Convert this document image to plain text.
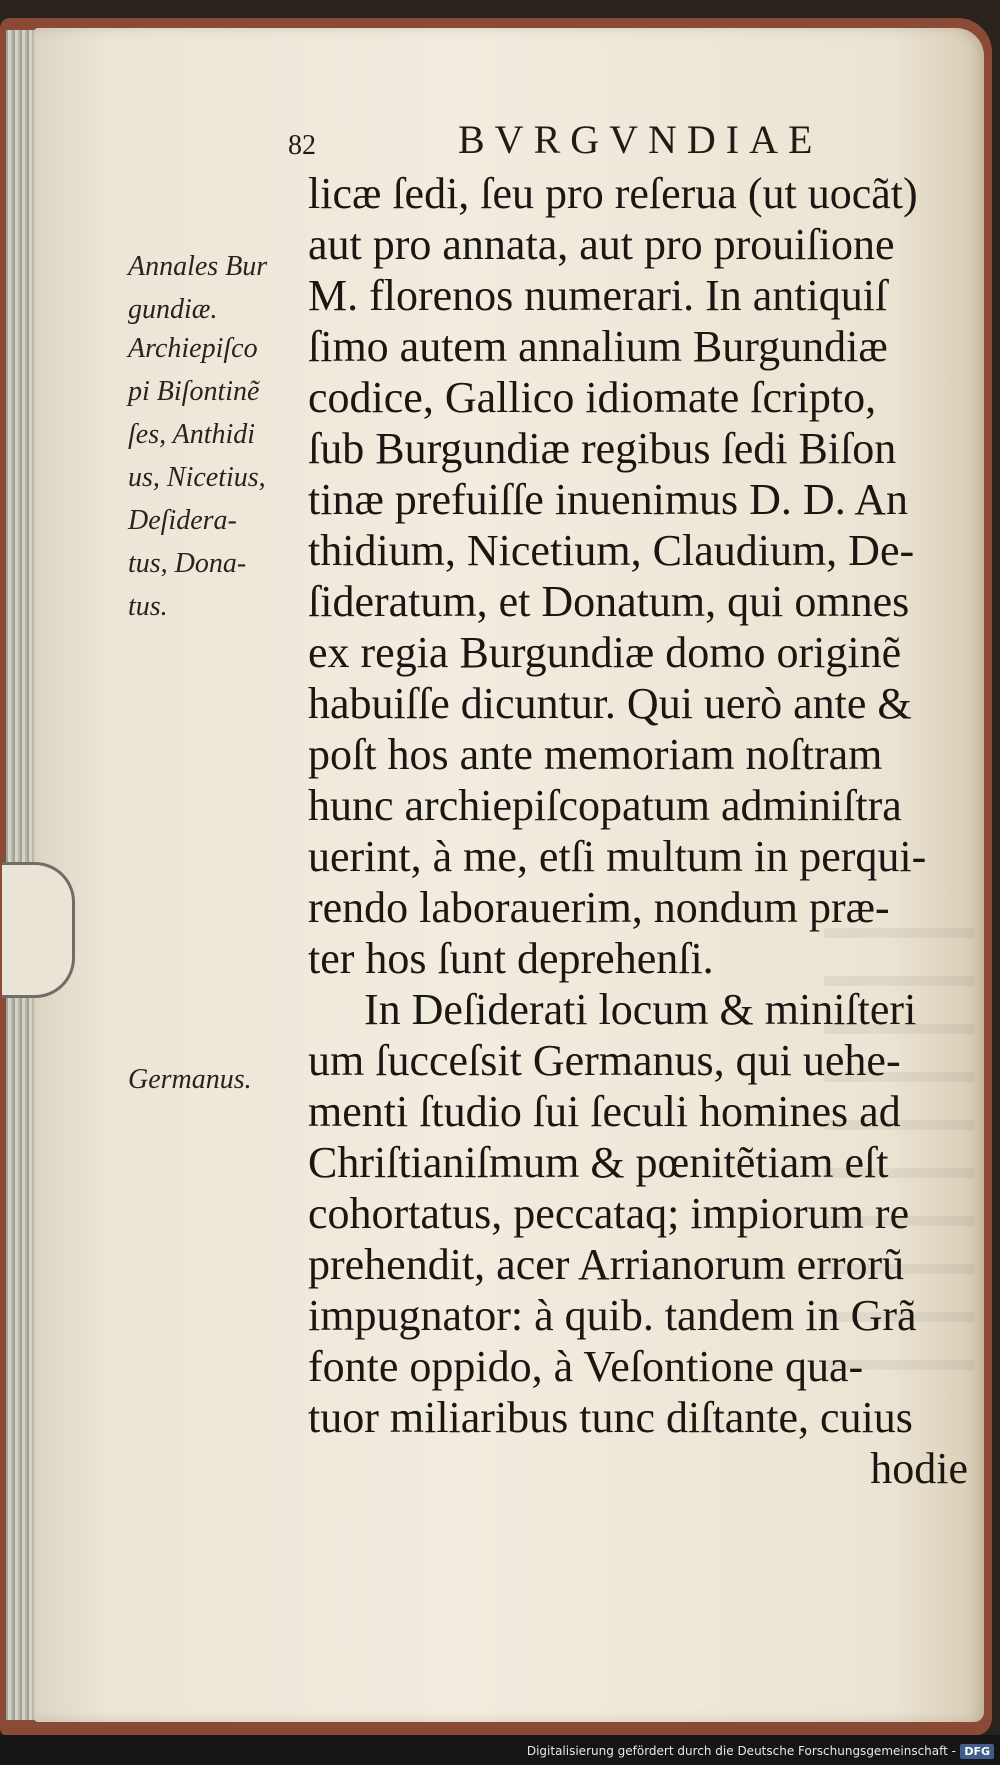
82	BVRGVNDIAE
Annales Bur
gundiæ.
Archiepiſco
pi Biſontinẽ
ſes, Anthidi
us, Nicetius,
Deſidera-
tus, Dona-
tus.
Germanus.
licæ ſedi, ſeu pro reſerua (ut uocãt)
aut pro annata, aut pro prouiſione
M. florenos numerari. In antiquiſ
ſimo autem annalium Burgundiæ
codice, Gallico idiomate ſcripto,
ſub Burgundiæ regibus ſedi Biſon
tinæ prefuiſſe inuenimus D. D. An
thidium, Nicetium, Claudium, De-
ſideratum, et Donatum, qui omnes
ex regia Burgundiæ domo originẽ
habuiſſe dicuntur. Qui uerò ante &
poſt hos ante memoriam noſtram
hunc archiepiſcopatum adminiſtra
uerint, à me, etſi multum in perqui-
rendo laborauerim, nondum præ-
ter hos ſunt deprehenſi.
In Deſiderati locum & miniſteri
um ſucceſsit Germanus, qui uehe-
menti ſtudio ſui ſeculi homines ad
Chriſtianiſmum & pœnitẽtiam eſt
cohortatus, peccataq; impiorum re
prehendit, acer Arrianorum errorũ
impugnator: à quib. tandem in Grã
fonte oppido, à Veſontione qua-
tuor miliaribus tunc diſtante, cuius
hodie
Digitalisierung gefördert durch die Deutsche Forschungsgemeinschaft - DFG
